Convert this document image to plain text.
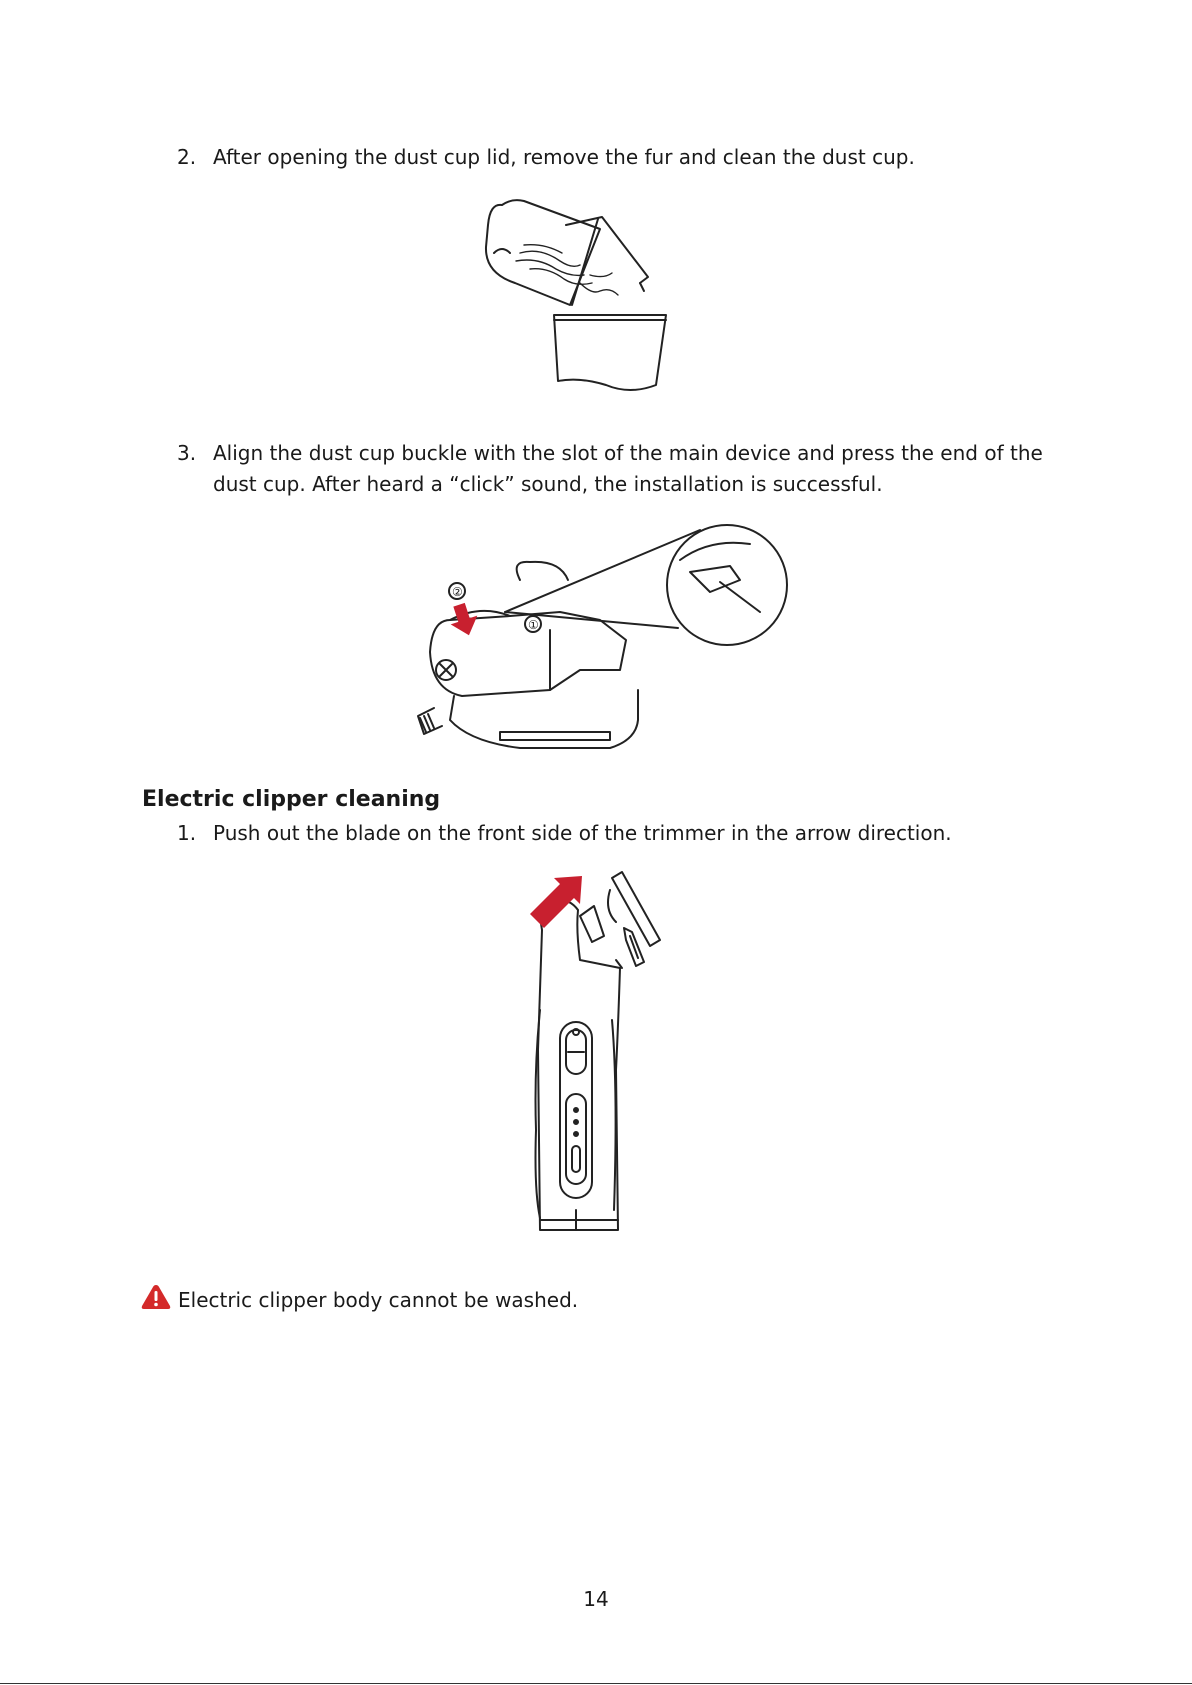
2. After opening the dust cup lid, remove the fur and clean the dust cup.
3. Align the dust cup buckle with the slot of the main device and press the end of the
dust cup. After heard a “click” sound, the installation is successful.
②
①
Electric clipper cleaning
1. Push out the blade on the front side of the trimmer in the arrow direction.
Electric clipper body cannot be washed.
14
